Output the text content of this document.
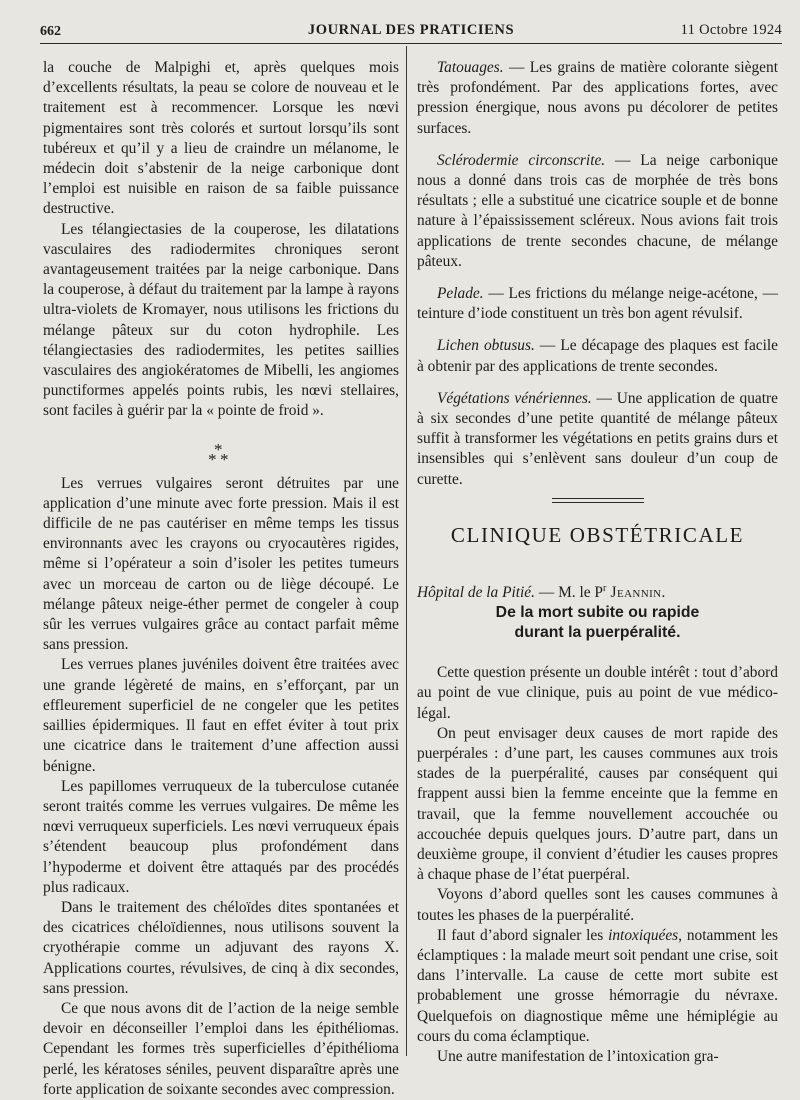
662	JOURNAL DES PRATICIENS	11 Octobre 1924

la couche de Malpighi et, après quelques mois d’excellents résultats, la peau se colore de nouveau et le traitement est à recommencer. Lorsque les nœvi pigmentaires sont très colorés et surtout lorsqu’ils sont tubéreux et qu’il y a lieu de craindre un mélanome, le médecin doit s’abstenir de la neige carbonique dont l’emploi est nuisible en raison de sa faible puissance destructive.

Les télangiectasies de la couperose, les dilatations vasculaires des radiodermites chroniques seront avantageusement traitées par la neige carbonique. Dans la couperose, à défaut du traitement par la lampe à rayons ultra-violets de Kromayer, nous utilisons les frictions du mélange pâteux sur du coton hydrophile. Les télangiectasies des radiodermites, les petites saillies vasculaires des angiokératomes de Mibelli, les angiomes punctiformes appelés points rubis, les nœvi stellaires, sont faciles à guérir par la « pointe de froid ».

*
* *

Les verrues vulgaires seront détruites par une application d’une minute avec forte pression. Mais il est difficile de ne pas cautériser en même temps les tissus environnants avec les crayons ou cryocautères rigides, même si l’opérateur a soin d’isoler les petites tumeurs avec un morceau de carton ou de liège découpé. Le mélange pâteux neige-éther permet de congeler à coup sûr les verrues vulgaires grâce au contact parfait même sans pression.

Les verrues planes juvéniles doivent être traitées avec une grande légèreté de mains, en s’efforçant, par un effleurement superficiel de ne congeler que les petites saillies épidermiques. Il faut en effet éviter à tout prix une cicatrice dans le traitement d’une affection aussi bénigne.

Les papillomes verruqueux de la tuberculose cutanée seront traités comme les verrues vulgaires. De même les nœvi verruqueux superficiels. Les nœvi verruqueux épais s’étendent beaucoup plus profondément dans l’hypoderme et doivent être attaqués par des procédés plus radicaux.

Dans le traitement des chéloïdes dites spontanées et des cicatrices chéloïdiennes, nous utilisons souvent la cryothérapie comme un adjuvant des rayons X. Applications courtes, révulsives, de cinq à dix secondes, sans pression.

Ce que nous avons dit de l’action de la neige semble devoir en déconseiller l’emploi dans les épithéliomas. Cependant les formes très superficielles d’épithélioma perlé, les kératoses séniles, peuvent disparaître après une forte application de soixante secondes avec compression.

Tatouages. — Les grains de matière colorante siègent très profondément. Par des applications fortes, avec pression énergique, nous avons pu décolorer de petites surfaces.

Sclérodermie circonscrite. — La neige carbonique nous a donné dans trois cas de morphée de très bons résultats ; elle a substitué une cicatrice souple et de bonne nature à l’épaississement scléreux. Nous avions fait trois applications de trente secondes chacune, de mélange pâteux.

Pelade. — Les frictions du mélange neige-acétone, — teinture d’iode constituent un très bon agent révulsif.

Lichen obtusus. — Le décapage des plaques est facile à obtenir par des applications de trente secondes.

Végétations vénériennes. — Une application de quatre à six secondes d’une petite quantité de mélange pâteux suffit à transformer les végétations en petits grains durs et insensibles qui s’enlèvent sans douleur d’un coup de curette.

CLINIQUE OBSTÉTRICALE

Hôpital de la Pitié. — M. le $P^r$ Jeannin.

De la mort subite ou rapide
durant la puerpéralité.

Cette question présente un double intérêt : tout d’abord au point de vue clinique, puis au point de vue médico-légal.

On peut envisager deux causes de mort rapide des puerpérales : d’une part, les causes communes aux trois stades de la puerpéralité, causes par conséquent qui frappent aussi bien la femme enceinte que la femme en travail, que la femme nouvellement accouchée ou accouchée depuis quelques jours. D’autre part, dans un deuxième groupe, il convient d’étudier les causes propres à chaque phase de l’état puerpéral.

Voyons d’abord quelles sont les causes communes à toutes les phases de la puerpéralité.

Il faut d’abord signaler les intoxiquées, notamment les éclamptiques : la malade meurt soit pendant une crise, soit dans l’intervalle. La cause de cette mort subite est probablement une grosse hémorragie du névraxe. Quelquefois on diagnostique même une hémiplégie au cours du coma éclamptique.

Une autre manifestation de l’intoxication gra-
